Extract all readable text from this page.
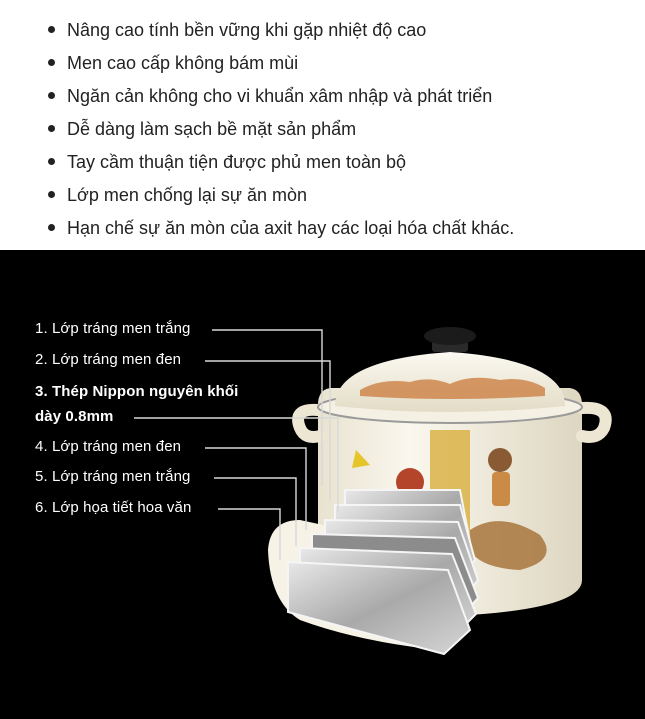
Nâng cao tính bền vững khi gặp nhiệt độ cao
Men cao cấp không bám mùi
Ngăn cản không cho vi khuẩn xâm nhập và phát triển
Dễ dàng làm sạch bề mặt sản phẩm
Tay cầm thuận tiện được phủ men toàn bộ
Lớp men chống lại sự ăn mòn
Hạn chế sự ăn mòn của axit hay các loại hóa chất khác.
1. Lớp tráng men trắng
2. Lớp tráng men đen
3. Thép Nippon nguyên khối
dày 0.8mm
4. Lớp tráng men đen
5. Lớp tráng men trắng
6. Lớp họa tiết hoa văn
